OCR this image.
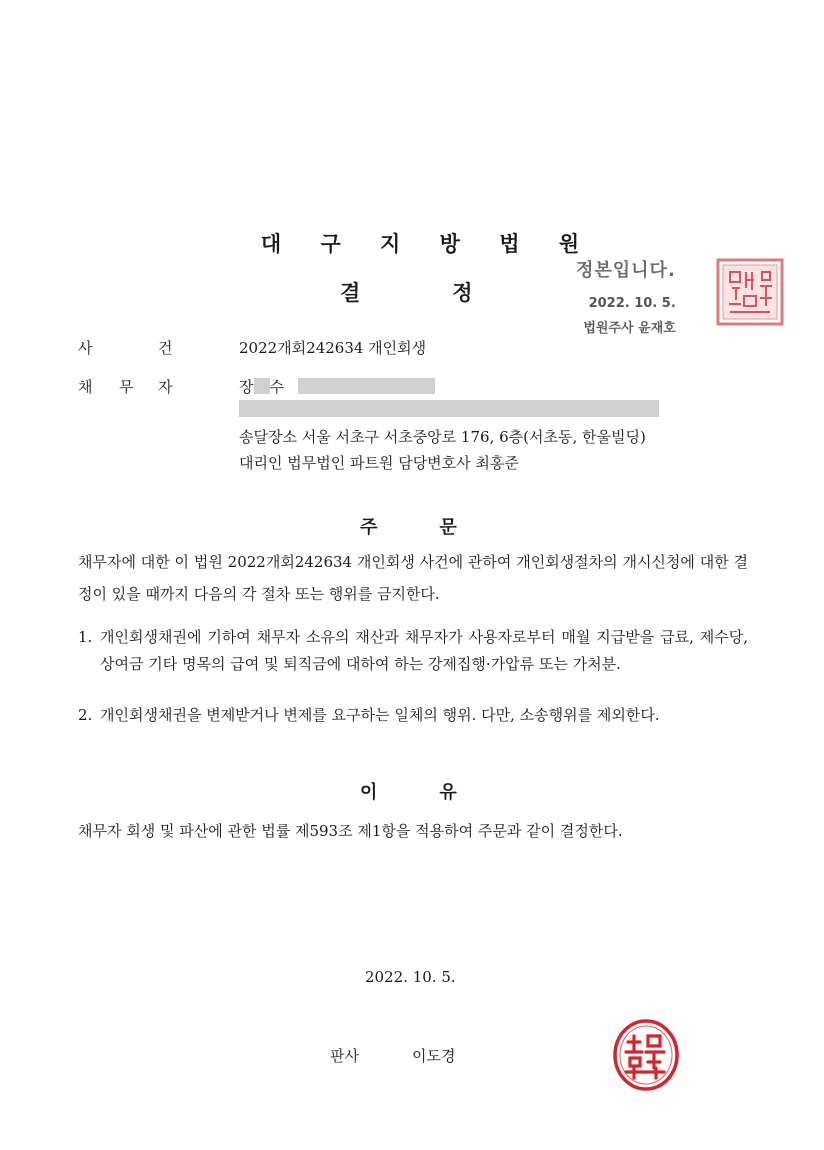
대 구 지 방 법 원
결	정
정본입니다.
2022. 10. 5.
법원주사 윤재호
사	건	2022개회242634 개인회생
채 무 자	장 수
송달장소 서울 서초구 서초중앙로 176, 6층(서초동, 한울빌딩)
대리인 법무법인 파트원 담당변호사 최홍준
주	문
채무자에 대한 이 법원 2022개회242634 개인회생 사건에 관하여 개인회생절차의 개시신청에 대한 결정이 있을 때까지 다음의 각 절차 또는 행위를 금지한다.
1. 개인회생채권에 기하여 채무자 소유의 재산과 채무자가 사용자로부터 매월 지급받을 급료, 제수당, 상여금 기타 명목의 급여 및 퇴직금에 대하여 하는 강제집행·가압류 또는 가처분.
2. 개인회생채권을 변제받거나 변제를 요구하는 일체의 행위. 다만, 소송행위를 제외한다.
이	유
채무자 회생 및 파산에 관한 법률 제593조 제1항을 적용하여 주문과 같이 결정한다.
2022. 10. 5.
판사	이도경
